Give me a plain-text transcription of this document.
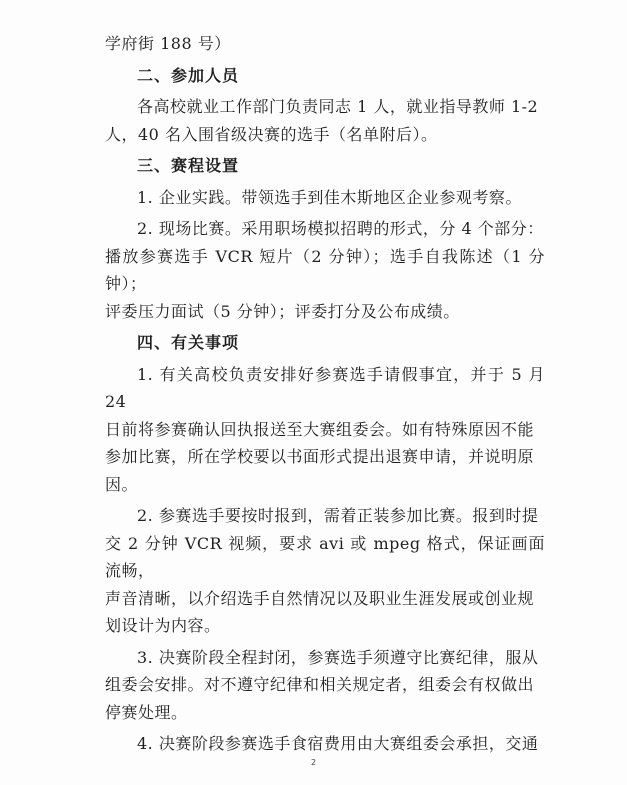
学府街 188 号）

二、参加人员

各高校就业工作部门负责同志 1 人，就业指导教师 1-2

人，40 名入围省级决赛的选手（名单附后）。

三、赛程设置

1. 企业实践。带领选手到佳木斯地区企业参观考察。

2. 现场比赛。采用职场模拟招聘的形式，分 4 个部分：

播放参赛选手 VCR 短片（2 分钟）；选手自我陈述（1 分钟）；

评委压力面试（5 分钟）；评委打分及公布成绩。

四、有关事项

1. 有关高校负责安排好参赛选手请假事宜，并于 5 月 24

日前将参赛确认回执报送至大赛组委会。如有特殊原因不能

参加比赛，所在学校要以书面形式提出退赛申请，并说明原

因。

2. 参赛选手要按时报到，需着正装参加比赛。报到时提

交 2 分钟 VCR 视频，要求 avi 或 mpeg 格式，保证画面流畅，

声音清晰，以介绍选手自然情况以及职业生涯发展或创业规

划设计为内容。

3. 决赛阶段全程封闭，参赛选手须遵守比赛纪律，服从

组委会安排。对不遵守纪律和相关规定者，组委会有权做出

停赛处理。

4. 决赛阶段参赛选手食宿费用由大赛组委会承担，交通

2
